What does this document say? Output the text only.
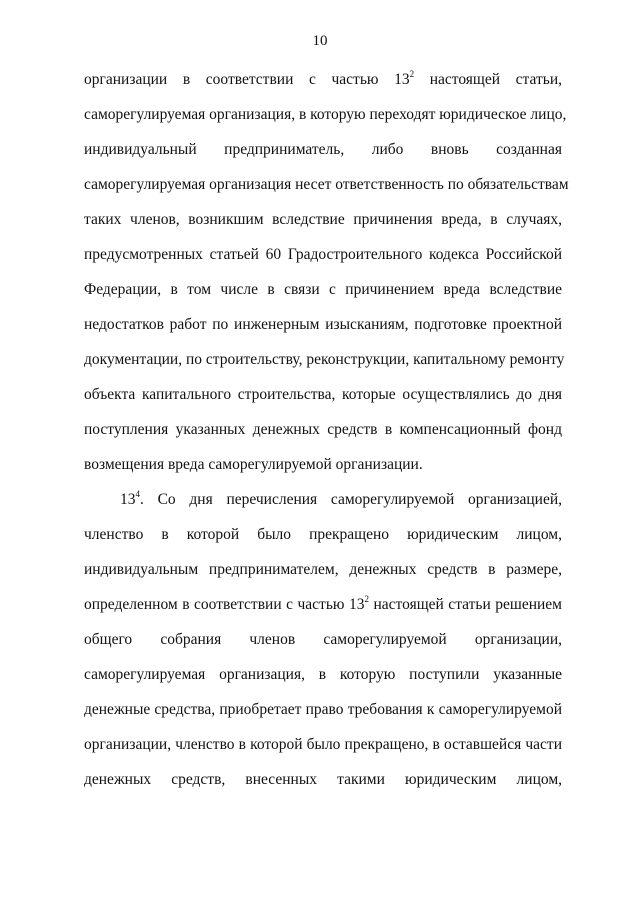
10
организации в соответствии с частью $13^2$ настоящей статьи,
саморегулируемая организация, в которую переходят юридическое лицо,
индивидуальный предприниматель, либо вновь созданная
саморегулируемая организация несет ответственность по обязательствам
таких членов, возникшим вследствие причинения вреда, в случаях,
предусмотренных статьей 60 Градостроительного кодекса Российской
Федерации, в том числе в связи с причинением вреда вследствие
недостатков работ по инженерным изысканиям, подготовке проектной
документации, по строительству, реконструкции, капитальному ремонту
объекта капитального строительства, которые осуществлялись до дня
поступления указанных денежных средств в компенсационный фонд
возмещения вреда саморегулируемой организации.
$13^4$. Со дня перечисления саморегулируемой организацией,
членство в которой было прекращено юридическим лицом,
индивидуальным предпринимателем, денежных средств в размере,
определенном в соответствии с частью $13^2$ настоящей статьи решением
общего собрания членов саморегулируемой организации,
саморегулируемая организация, в которую поступили указанные
денежные средства, приобретает право требования к саморегулируемой
организации, членство в которой было прекращено, в оставшейся части
денежных средств, внесенных такими юридическим лицом,
